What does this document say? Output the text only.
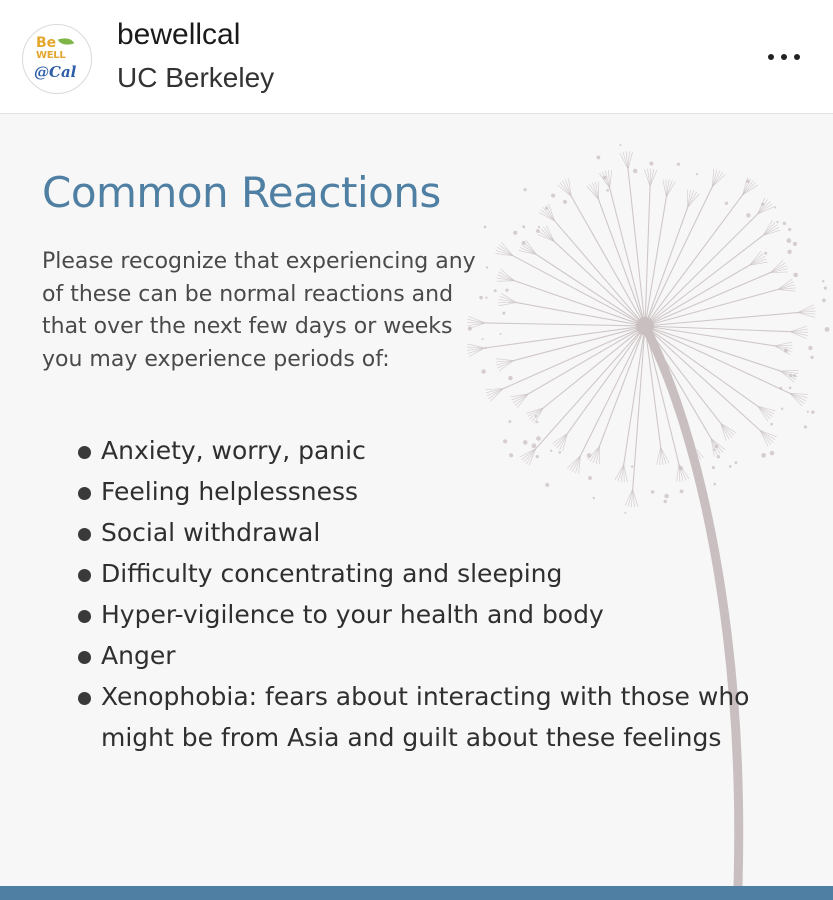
Be
WELL
@Cal
bewellcal
UC Berkeley
Common Reactions

Please recognize that experiencing any of these can be normal reactions and that over the next few days or weeks you may experience periods of:

Anxiety, worry, panic
Feeling helplessness
Social withdrawal
Difficulty concentrating and sleeping
Hyper-vigilence to your health and body
Anger
Xenophobia: fears about interacting with those who might be from Asia and guilt about these feelings
